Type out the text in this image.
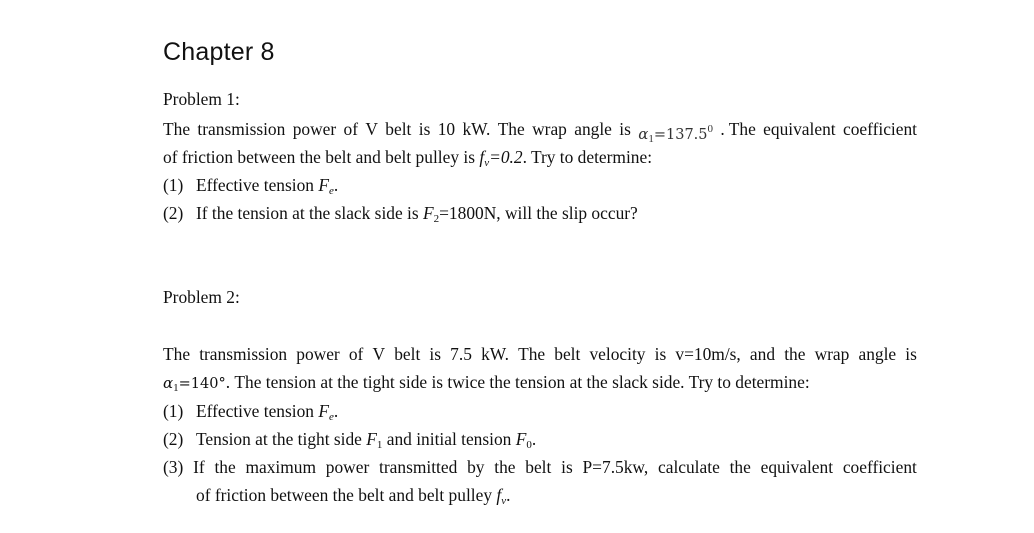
Chapter 8

Problem 1:

The transmission power of V belt is 10 kW. The wrap angle is $\alpha_1=137.5^0$ . The equivalent coefficient

of friction between the belt and belt pulley is $f_v=0.2$. Try to determine:

(1) Effective tension $F_e$.

(2) If the tension at the slack side is $F_2=1800N$, will the slip occur?

Problem 2:

The transmission power of V belt is 7.5 kW. The belt velocity is v=10m/s, and the wrap angle is

$\alpha_1=140^\circ$. The tension at the tight side is twice the tension at the slack side. Try to determine:

(1) Effective tension $F_e$.

(2) Tension at the tight side $F_1$ and initial tension $F_0$.

(3) If the maximum power transmitted by the belt is P=7.5kw, calculate the equivalent coefficient

of friction between the belt and belt pulley $f_v$.
